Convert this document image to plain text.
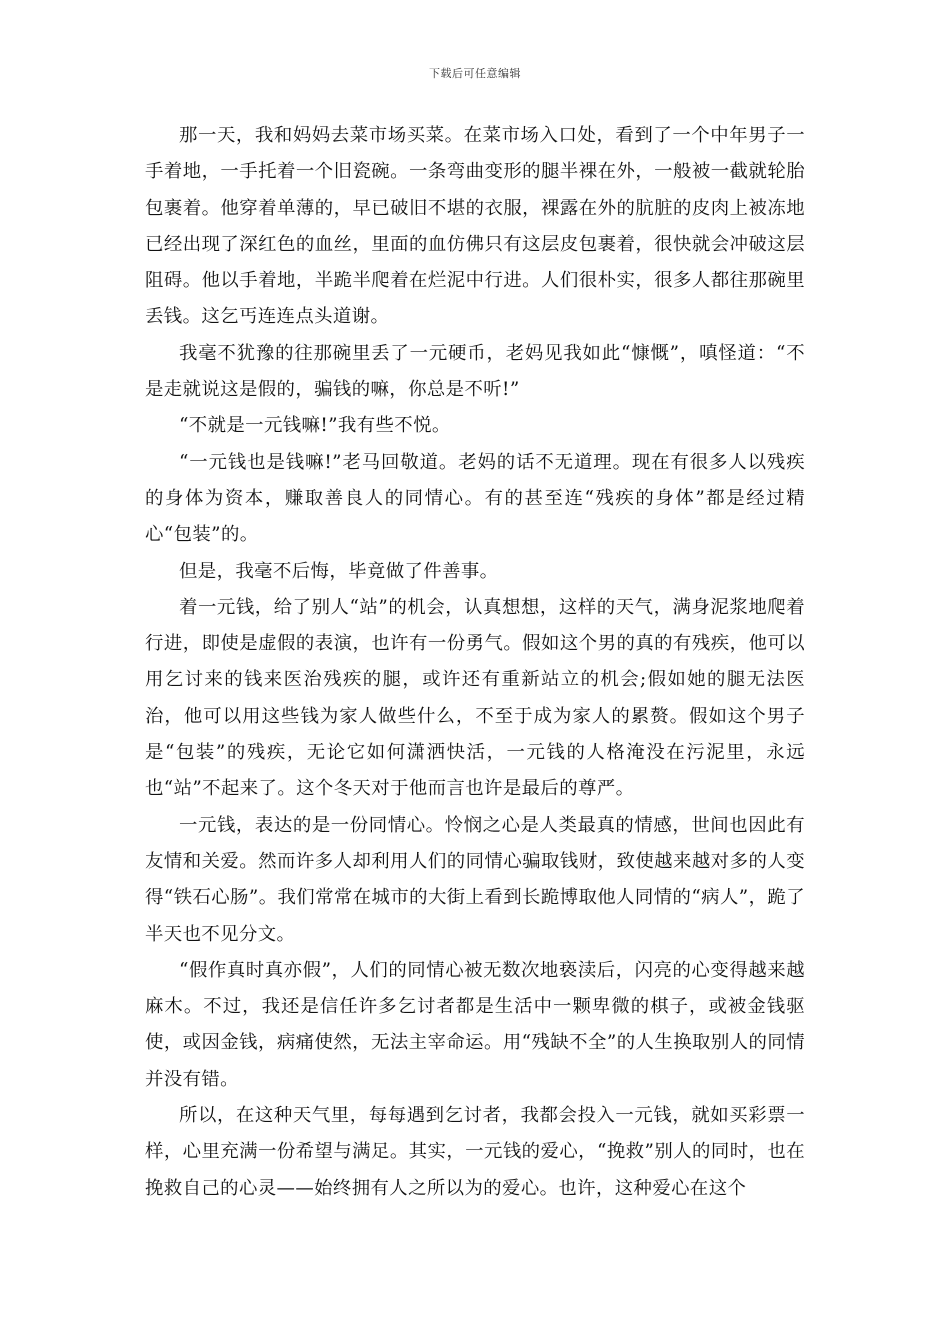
下载后可任意编辑

那一天，我和妈妈去菜市场买菜。在菜市场入口处，看到了一个中年男子一手着地，一手托着一个旧瓷碗。一条弯曲变形的腿半裸在外，一般被一截就轮胎包裹着。他穿着单薄的，早已破旧不堪的衣服，裸露在外的肮脏的皮肉上被冻地已经出现了深红色的血丝，里面的血仿佛只有这层皮包裹着，很快就会冲破这层阻碍。他以手着地，半跪半爬着在烂泥中行进。人们很朴实，很多人都往那碗里丢钱。这乞丐连连点头道谢。

我毫不犹豫的往那碗里丢了一元硬币，老妈见我如此“慷慨”，嗔怪道：“不是走就说这是假的，骗钱的嘛，你总是不听!”

“不就是一元钱嘛!”我有些不悦。

“一元钱也是钱嘛!”老马回敬道。老妈的话不无道理。现在有很多人以残疾的身体为资本，赚取善良人的同情心。有的甚至连“残疾的身体”都是经过精心“包装”的。

但是，我毫不后悔，毕竟做了件善事。

着一元钱，给了别人“站”的机会，认真想想，这样的天气，满身泥浆地爬着行进，即使是虚假的表演，也许有一份勇气。假如这个男的真的有残疾，他可以用乞讨来的钱来医治残疾的腿，或许还有重新站立的机会;假如她的腿无法医治，他可以用这些钱为家人做些什么，不至于成为家人的累赘。假如这个男子是“包装”的残疾，无论它如何潇洒快活，一元钱的人格淹没在污泥里，永远也“站”不起来了。这个冬天对于他而言也许是最后的尊严。

一元钱，表达的是一份同情心。怜悯之心是人类最真的情感，世间也因此有友情和关爱。然而许多人却利用人们的同情心骗取钱财，致使越来越对多的人变得“铁石心肠”。我们常常在城市的大街上看到长跪博取他人同情的“病人”，跪了半天也不见分文。

“假作真时真亦假”，人们的同情心被无数次地亵渎后，闪亮的心变得越来越麻木。不过，我还是信任许多乞讨者都是生活中一颗卑微的棋子，或被金钱驱使，或因金钱，病痛使然，无法主宰命运。用“残缺不全”的人生换取别人的同情并没有错。

所以，在这种天气里，每每遇到乞讨者，我都会投入一元钱，就如买彩票一样，心里充满一份希望与满足。其实，一元钱的爱心，“挽救”别人的同时，也在挽救自己的心灵——始终拥有人之所以为的爱心。也许，这种爱心在这个
